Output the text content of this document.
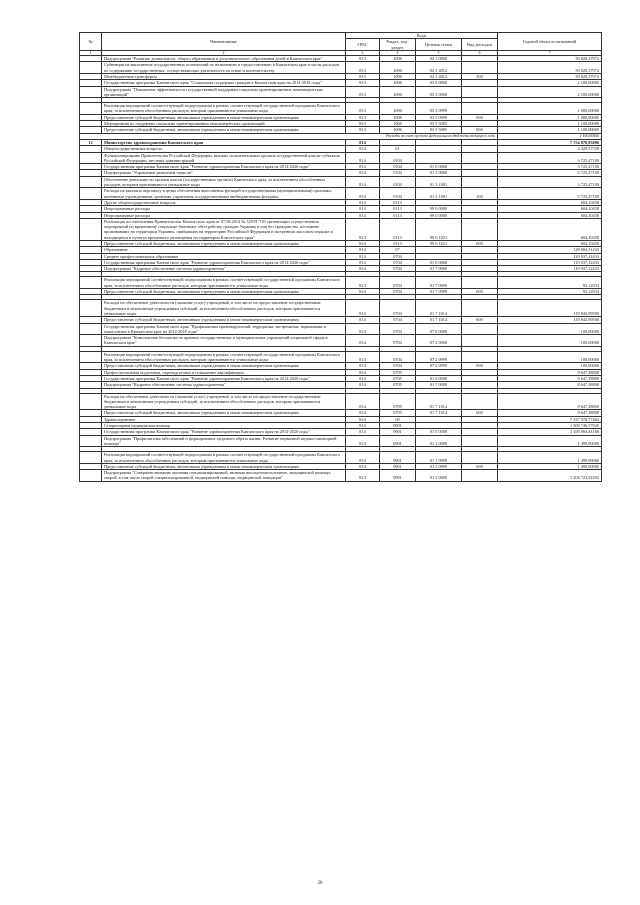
№	Наименование	Коды				Годовой объем ассигнований
		ГРБС	Раздел, под-раздел	Целевая статья	Вид расходов	
1	2	3	4	5	6	7
	Подпрограмма "Развитие дошкольного, общего образования и дополнительного образования детей в Камчатском крае"	813	1006	02 1 0000		39 820,37972
	Субвенции на выполнение государственных полномочий по назначению и предоставлению в Камчатском крае и части расходов по содержанию государственных, осуществляющих деятельность по опеке и попечительству	813	1006	02 1 4012		39 820,37972
	Межбюджетные трансферты	813	1006	02 1 4012	500	39 820,37972
	Государственная программа Камчатского края "Социальная поддержка граждан в Камчатском крае на 2014-2018 годы"	813	1006	03 0 0000		2 100,00000
	Подпрограмма "Повышение эффективности государственной поддержки социально ориентированных некоммерческих организаций"	813	1006	03 5 0000		2 100,00000

	Реализация мероприятий соответствующей подпрограммы в рамках соответствующей государственной программы Камчатского края, за исключением обособленных расходов, которым присваиваются уникальные коды	813	1006	03 5 0999		1 000,00000
	Предоставление субсидий бюджетным, автономным учреждениям и иным некоммерческим организациям	813	1006	03 5 0999	600	1 000,00000
	Мероприятия по поддержке социально ориентированных некоммерческих организаций	813	1006	03 5 5085		1 100,00000
	Предоставление субсидий бюджетным, автономным учреждениям и иным некоммерческим организациям	813	1006	03 5 5085	600	1 100,00000
Расходы за счет средств федерального бюджета текущего года						1 100,00000
12	Министерство здравоохранения Камчатского края	814				7 754 870,83006
	Общегосударственные вопросы	814	01			4 329,57558
	Функционирование Правительства Российской Федерации, высших исполнительных органов государственной власти субъектов Российской Федерации, местных администраций	814	0104			3 725,47100
	Государственная программа Камчатского края "Развитие здравоохранения Камчатского края на 2014-2020 годы"	814	0104	01 0 0000		3 725,47100
	Подпрограмма "Управление развитием отрасли"	814	0104	01 3 0000		3 725,47100
	Обеспечение деятельности органов власти (государственных органов) Камчатского края, за исключением обособленных расходов, которым присваиваются уникальные коды	814	0104	01 3 1001		3 725,47100
	Расходы на выплаты персоналу в целях обеспечения выполнения функций государственными (муниципальными) органами, казенными учреждениями, органами управления государственными внебюджетными фондами	814	0104	01 3 1001	100	3 725,47100
	Другие общегосударственные вопросы	814	0113			604,10458
	Непрограммные расходы	814	0113	99 0 0000		604,10458
	Непрограммные расходы	814	0113	99 0 0000		604,10458
	Реализация постановления Правительства Камчатского края от 07.08.2014 № 329-П "Об организации осуществления мероприятий по временному социально-бытовому обустройству граждан Украины и лиц без гражданства, постоянно проживавших на территории Украины, прибывших на территорию Российской Федерации в экстренном массовом порядке и находящихся в пунктах временного размещения на территории Камчатского края"	814	0113	99 0 1021		604,10458
	Предоставление субсидий бюджетным, автономным учреждениям и иным некоммерческим организациям	814	0113	99 0 1021	600	604,10458
	Образование	814	07			128 684,51233
	Среднее профессиональное образование	814	0704			120 037,12433
	Государственная программа Камчатского края "Развитие здравоохранения Камчатского края на 2014-2020 годы"	814	0704	01 0 0000		119 937,12433
	Подпрограмма "Кадровое обеспечение системы здравоохранения"	814	0704	01 7 0000		119 937,12433

	Реализация мероприятий соответствующей подпрограммы в рамках соответствующей государственной программы Камчатского края, за исключением обособленных расходов, которым присваиваются уникальные коды	814	0704	01 7 0999		93,12933
	Предоставление субсидий бюджетным, автономным учреждениям и иным некоммерческим организациям	814	0704	01 7 0999	600	93,12933

	Расходы на обеспечение деятельности (оказание услуг) учреждений, в том числе на предоставление государственным бюджетным и автономным учреждениям субсидий, за исключением обособленных расходов, которым присваиваются уникальные коды	814	0704	01 7 1014		119 843,99500
	Предоставление субсидий бюджетным, автономным учреждениям и иным некоммерческим организациям	814	0704	01 7 1014	600	119 843,99500
	Государственная программа Камчатского края "Профилактика правонарушений, терроризма, экстремизма, наркомании и алкоголизма в Камчатском крае на 2014-2018 годы"	814	0704	07 0 0000		100,00000
	Подпрограмма "Комплексная безопасность краевых государственных и муниципальных учреждений социальной сферы в Камчатском крае"	814	0704	07 2 0000		100,00000

	Реализация мероприятий соответствующей подпрограммы в рамках соответствующей государственной программы Камчатского края, за исключением обособленных расходов, которым присваиваются уникальные коды	814	0704	07 2 0999		100,00000
	Предоставление субсидий бюджетным, автономным учреждениям и иным некоммерческим организациям	814	0704	07 2 0999	600	100,00000
	Профессиональная подготовка, переподготовка и повышение квалификации	814	0705			8 647,38800
	Государственная программа Камчатского края "Развитие здравоохранения Камчатского края на 2014-2020 годы"	814	0705	01 0 0000		8 647,38800
	Подпрограмма "Кадровое обеспечение системы здравоохранения"	814	0705	01 7 0000		8 647,38800

	Расходы на обеспечение деятельности (оказание услуг) учреждений, в том числе на предоставление государственным бюджетным и автономным учреждениям субсидий, за исключением обособленных расходов, которым присваиваются уникальные коды	814	0705	01 7 1014		8 647,38800
	Предоставление субсидий бюджетным, автономным учреждениям и иным некоммерческим организациям	814	0705	01 7 1014	600	8 647,38800
	Здравоохранение	814	09			7 337 978,77462
	Стационарная медицинская помощь	814	0901			1 509 746,57920
	Государственная программа Камчатского края "Развитие здравоохранения Камчатского края на 2014-2020 годы"	814	0901	01 0 0000		1 495 063,41166
	Подпрограмма "Профилактика заболеваний и формирование здорового образа жизни. Развитие первичной медико-санитарной помощи"	814	0901	01 1 0000		1 499,90000

	Реализация мероприятий соответствующей подпрограммы в рамках соответствующей государственной программы Камчатского края, за исключением обособленных расходов, которым присваиваются уникальные коды	814	0901	01 1 0999		1 499,90000
	Предоставление субсидий бюджетным, автономным учреждениям и иным некоммерческим организациям	814	0901	01 1 0999	600	1 499,90000
	Подпрограмма "Совершенствование оказания специализированной, включая высокотехнологичную, медицинской помощи, скорой, в том числе скорой специализированной, медицинской помощи, медицинской эвакуации"	814	0901	01 2 0000		1 204 723,92292
20
